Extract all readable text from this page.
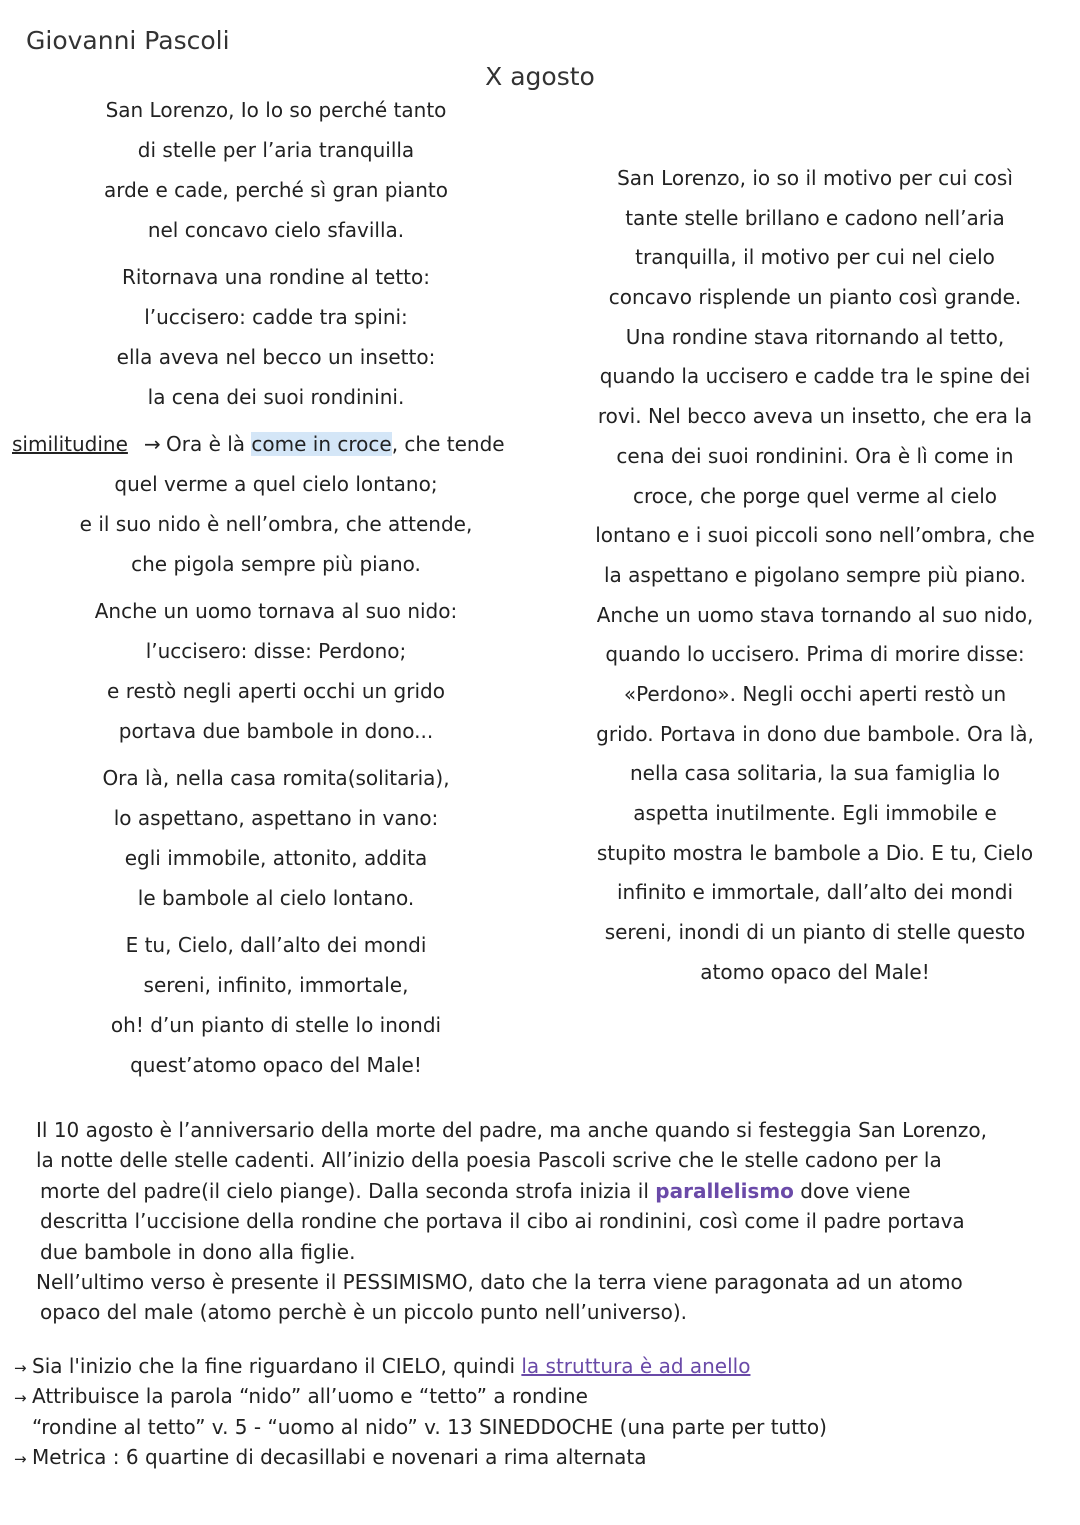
Giovanni Pascoli
X agosto
San Lorenzo, Io lo so perché tanto
di stelle per l’aria tranquilla
arde e cade, perché sì gran pianto
nel concavo cielo sfavilla.
Ritornava una rondine al tetto:
l’uccisero: cadde tra spini:
ella aveva nel becco un insetto:
la cena dei suoi rondinini.
similitudine → Ora è là come in croce, che tende
quel verme a quel cielo lontano;
e il suo nido è nell’ombra, che attende,
che pigola sempre più piano.
Anche un uomo tornava al suo nido:
l’uccisero: disse: Perdono;
e restò negli aperti occhi un grido
portava due bambole in dono...
Ora là, nella casa romita(solitaria),
lo aspettano, aspettano in vano:
egli immobile, attonito, addita
le bambole al cielo lontano.
E tu, Cielo, dall’alto dei mondi
sereni, infinito, immortale,
oh! d’un pianto di stelle lo inondi
quest’atomo opaco del Male!
San Lorenzo, io so il motivo per cui così
tante stelle brillano e cadono nell’aria
tranquilla, il motivo per cui nel cielo
concavo risplende un pianto così grande.
Una rondine stava ritornando al tetto,
quando la uccisero e cadde tra le spine dei
rovi. Nel becco aveva un insetto, che era la
cena dei suoi rondinini. Ora è lì come in
croce, che porge quel verme al cielo
lontano e i suoi piccoli sono nell’ombra, che
la aspettano e pigolano sempre più piano.
Anche un uomo stava tornando al suo nido,
quando lo uccisero. Prima di morire disse:
«Perdono». Negli occhi aperti restò un
grido. Portava in dono due bambole. Ora là,
nella casa solitaria, la sua famiglia lo
aspetta inutilmente. Egli immobile e
stupito mostra le bambole a Dio. E tu, Cielo
infinito e immortale, dall’alto dei mondi
sereni, inondi di un pianto di stelle questo
atomo opaco del Male!
Il 10 agosto è l’anniversario della morte del padre, ma anche quando si festeggia San Lorenzo,
la notte delle stelle cadenti. All’inizio della poesia Pascoli scrive che le stelle cadono per la
morte del padre(il cielo piange). Dalla seconda strofa inizia il parallelismo dove viene
descritta l’uccisione della rondine che portava il cibo ai rondinini, così come il padre portava
due bambole in dono alla figlie.
Nell’ultimo verso è presente il PESSIMISMO, dato che la terra viene paragonata ad un atomo
opaco del male (atomo perchè è un piccolo punto nell’universo).
→ Sia l'inizio che la fine riguardano il CIELO, quindi la struttura è ad anello
→ Attribuisce la parola “nido” all’uomo e “tetto” a rondine
“rondine al tetto” v. 5 - “uomo al nido” v. 13 SINEDDOCHE (una parte per tutto)
→ Metrica : 6 quartine di decasillabi e novenari a rima alternata
